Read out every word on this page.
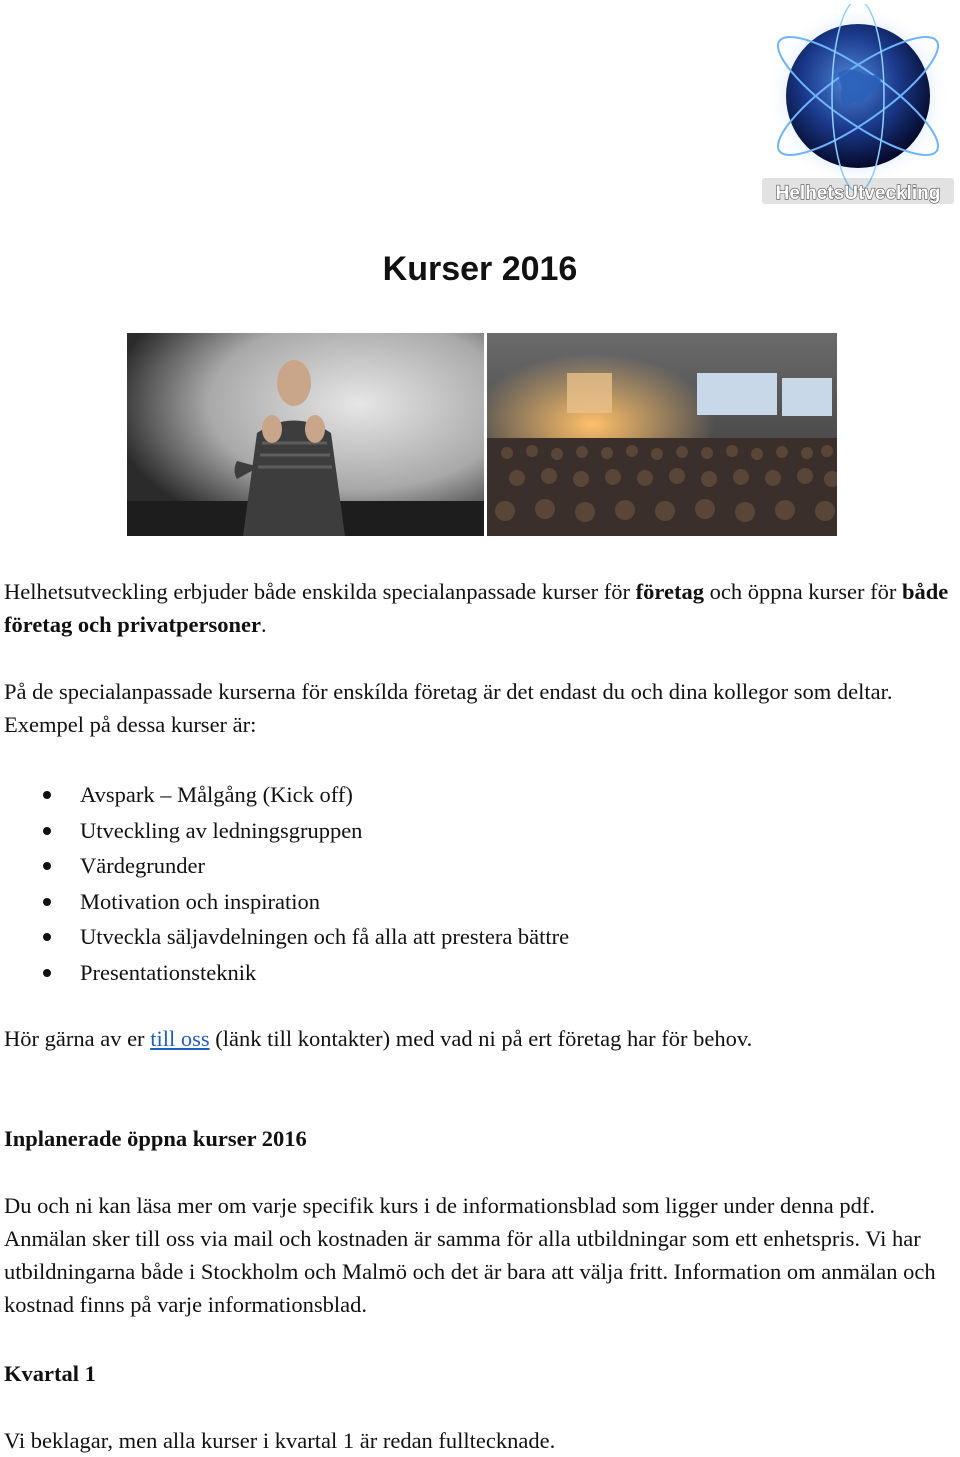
HelhetsUtveckling
Kurser 2016

Helhetsutveckling erbjuder både enskilda specialanpassade kurser för företag och öppna kurser för både företag och privatpersoner.

På de specialanpassade kurserna för enskílda företag är det endast du och dina kollegor som deltar. Exempel på dessa kurser är:

Avspark – Målgång (Kick off)
Utveckling av ledningsgruppen
Värdegrunder
Motivation och inspiration
Utveckla säljavdelningen och få alla att prestera bättre
Presentationsteknik

Hör gärna av er till oss (länk till kontakter) med vad ni på ert företag har för behov.

Inplanerade öppna kurser 2016

Du och ni kan läsa mer om varje specifik kurs i de informationsblad som ligger under denna pdf. Anmälan sker till oss via mail och kostnaden är samma för alla utbildningar som ett enhetspris. Vi har utbildningarna både i Stockholm och Malmö och det är bara att välja fritt. Information om anmälan och kostnad finns på varje informationsblad.

Kvartal 1

Vi beklagar, men alla kurser i kvartal 1 är redan fulltecknade.
